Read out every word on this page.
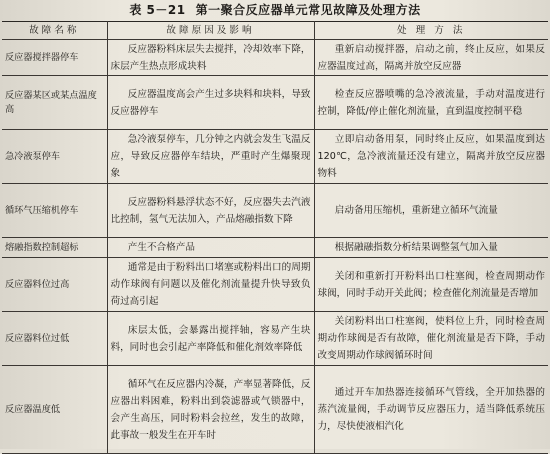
表 5－21 第一聚合反应器单元常见故障及处理方法
故障名称	故障原因及影响	处 理 方 法
反应器搅拌器停车	反应器粉料床层失去搅拌，冷却效率下降，床层产生热点形成块料	重新启动搅拌器，启动之前，终止反应，如果反应器温度过高，隔离并放空反应器
反应器某区或某点温度高	反应器温度高会产生过多块料和块料，导致反应器停车	检查反应器喷嘴的急冷液流量，手动对温度进行控制，降低/停止催化剂流量，直到温度控制平稳
急冷液泵停车	急冷液泵停车，几分钟之内就会发生飞温反应，导致反应器停车结块，严重时产生爆聚现象	立即启动备用泵，同时终止反应，如果温度到达120℃，急冷液流量还没有建立，隔离并放空反应器物料
循环气压缩机停车	反应器粉料悬浮状态不好，反应器失去汽液比控制，氢气无法加入，产品熔融指数下降	启动备用压缩机，重新建立循环气流量
熔融指数控制超标	产生不合格产品	根据融融指数分析结果调整氢气加入量
反应器料位过高	通常是由于粉料出口堵塞或粉料出口的周期动作球阀有问题以及催化剂流量提升快导致负荷过高引起	关闭和重新打开粉料出口柱塞阀，检查周期动作球阀，同时手动开关此阀；检查催化剂流量是否增加
反应器料位过低	床层太低，会暴露出搅拌轴，容易产生块料，同时也会引起产率降低和催化剂效率降低	关闭粉料出口柱塞阀，使料位上升，同时检查周期动作球阀是否有故障，催化剂流量是否下降，手动改变周期动作球阀循环时间
反应器温度低	循环气在反应器内冷凝，产率显著降低，反应器出料困难，粉料出到袋滤器或气锁器中，会产生高压，同时粉料会拉丝，发生的故障，此事故一般发生在开车时	通过开车加热器连接循环气管线，全开加热器的蒸汽流量阀，手动调节反应器压力，适当降低系统压力，尽快使液相汽化
